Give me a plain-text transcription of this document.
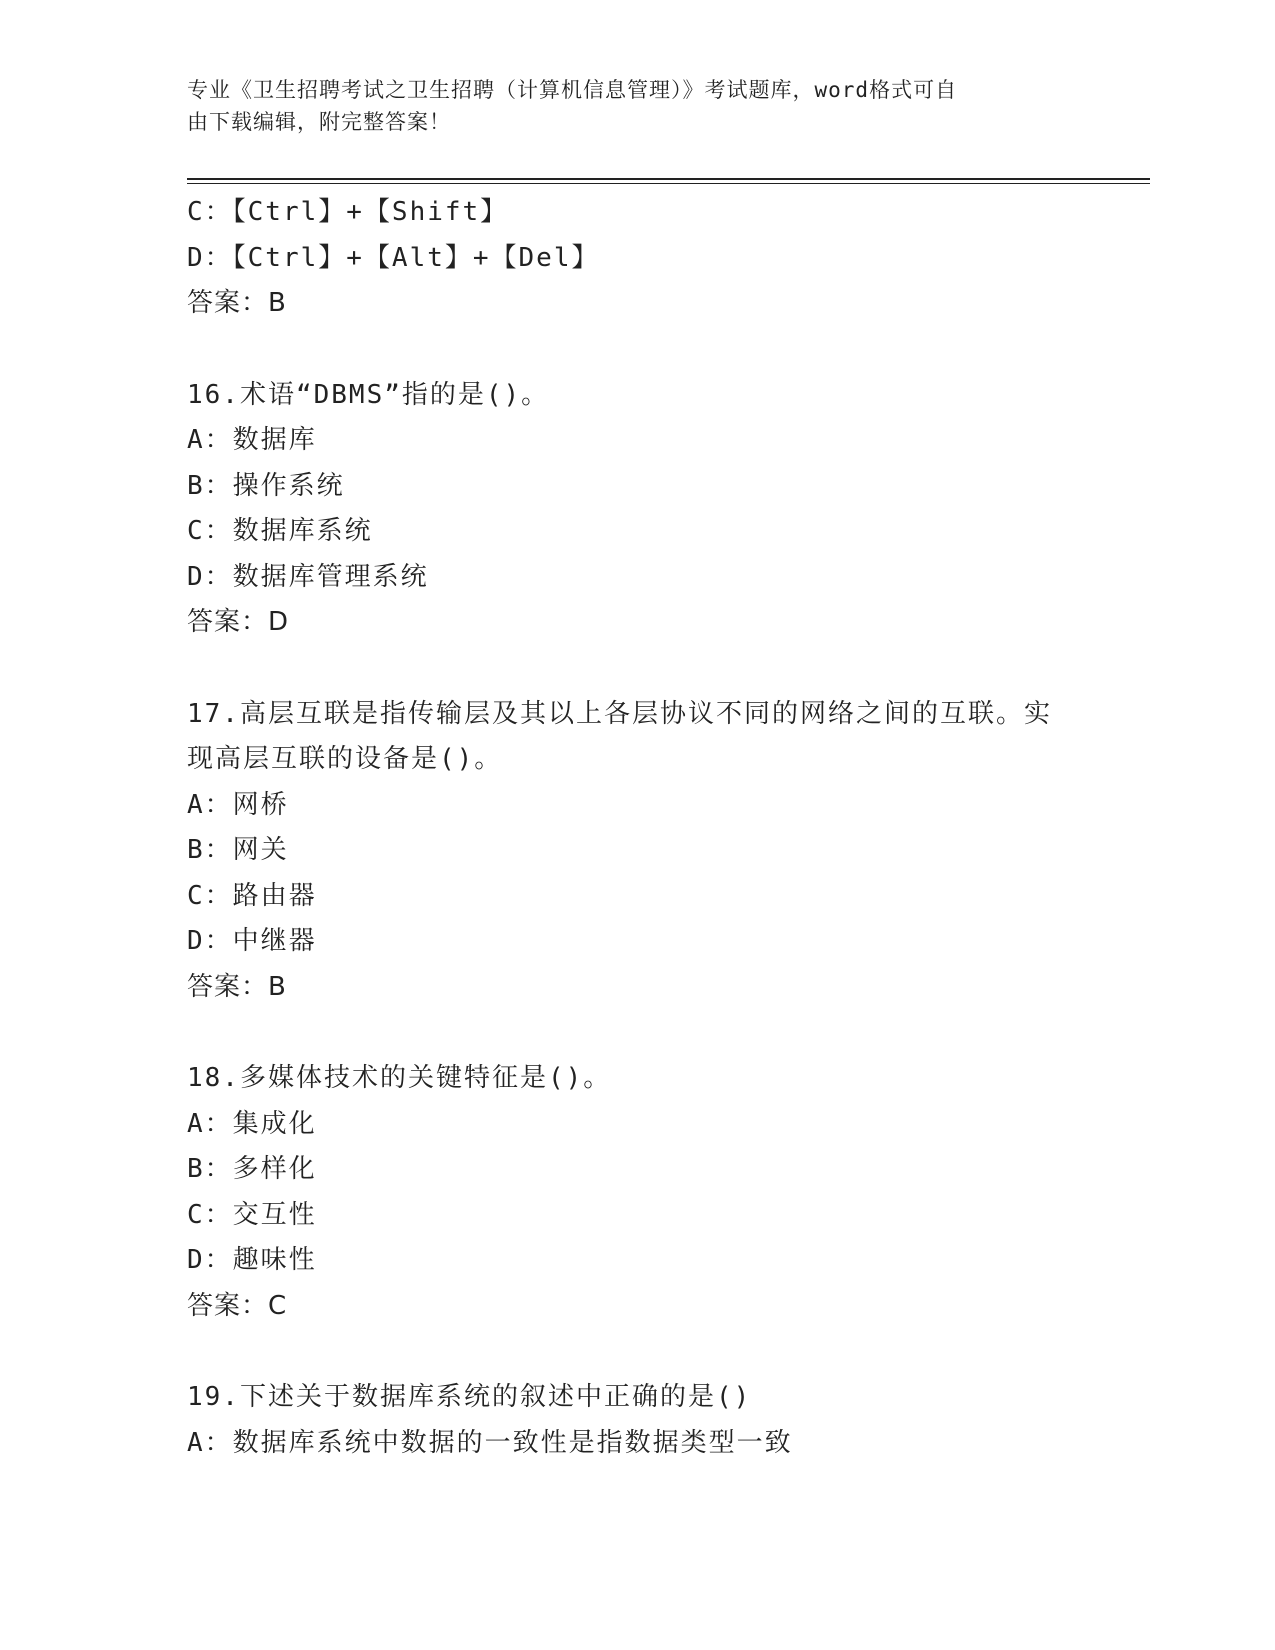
专业《卫生招聘考试之卫生招聘（计算机信息管理）》考试题库，word格式可自
由下载编辑，附完整答案！
C：【Ctrl】+【Shift】
D：【Ctrl】+【Alt】+【Del】
答案：B
16.术语“DBMS”指的是()。
A：数据库
B：操作系统
C：数据库系统
D：数据库管理系统
答案：D
17.高层互联是指传输层及其以上各层协议不同的网络之间的互联。实
现高层互联的设备是()。
A：网桥
B：网关
C：路由器
D：中继器
答案：B
18.多媒体技术的关键特征是()。
A：集成化
B：多样化
C：交互性
D：趣味性
答案：C
19.下述关于数据库系统的叙述中正确的是()
A：数据库系统中数据的一致性是指数据类型一致
